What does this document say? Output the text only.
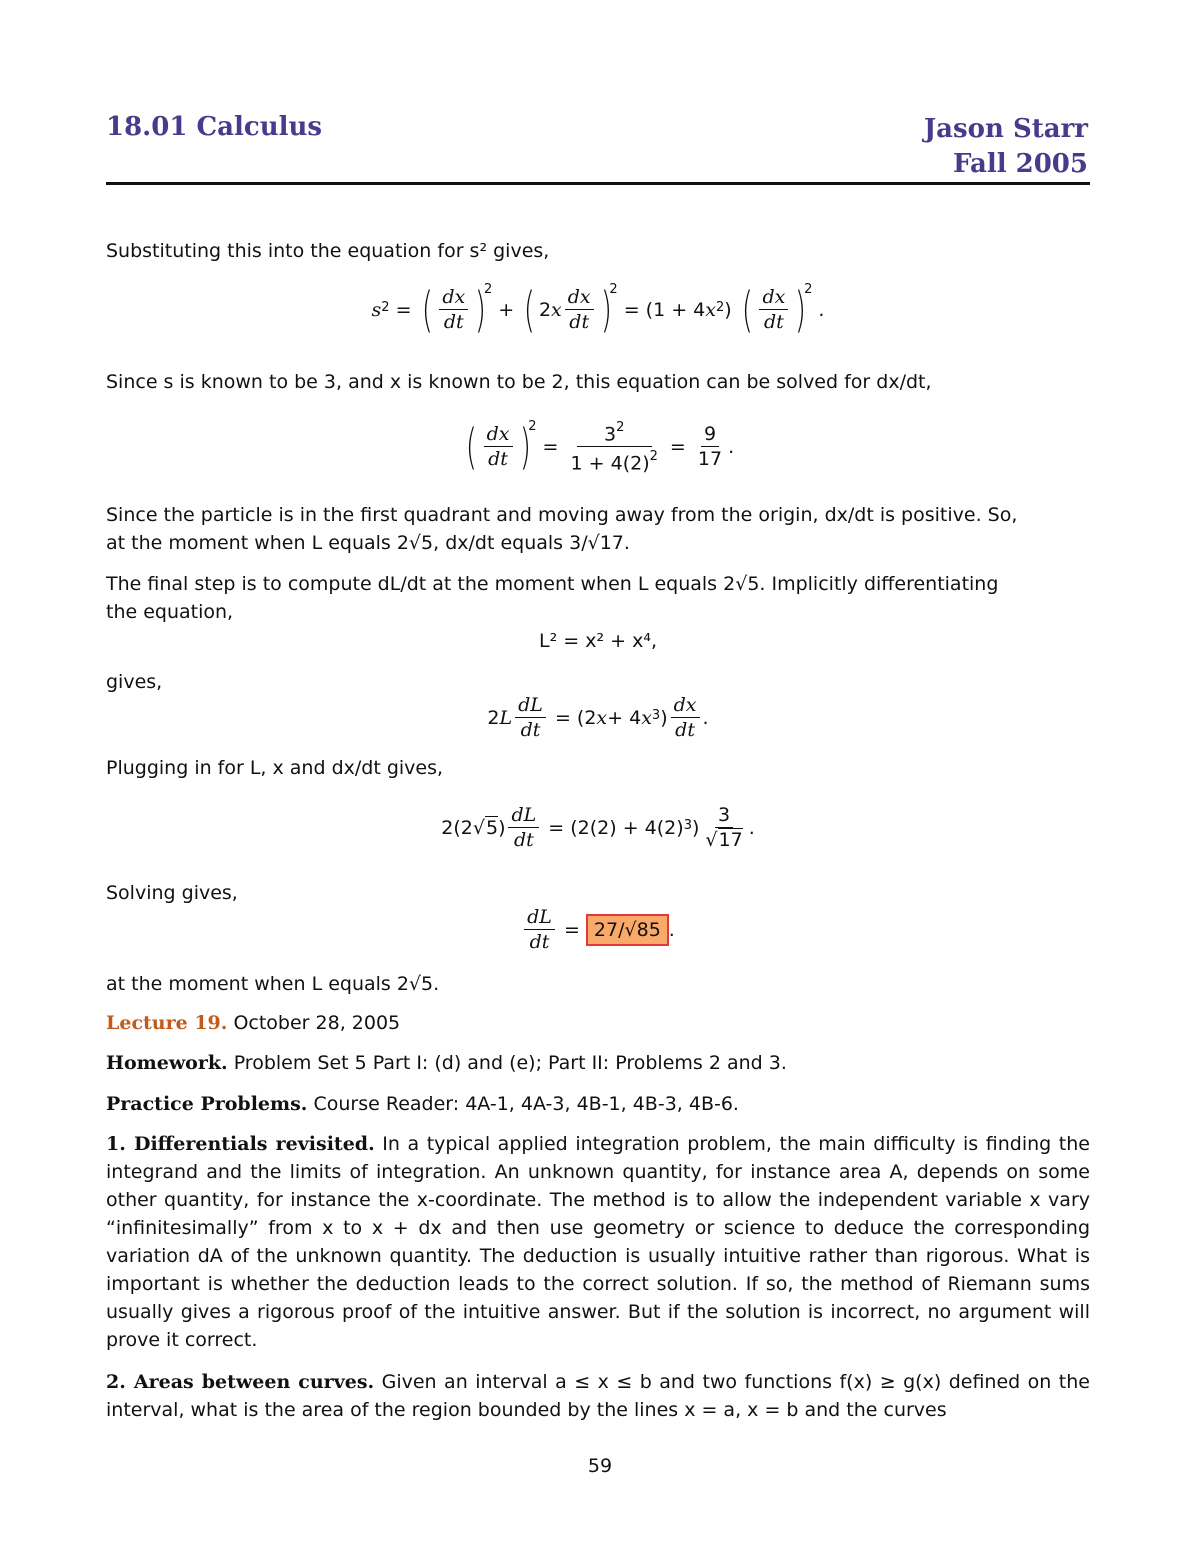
18.01 Calculus	Jason Starr
Fall 2005
Substituting this into the equation for s² gives,
s 2 = ( $\frac{dx}{dt}$ )
2
+ ( 2 x $\frac{dx}{dt}$ )
2
= (1 + 4 x 2 ) ( $\frac{dx}{dt}$ )
2
.
Since s is known to be 3, and x is known to be 2, this equation can be solved for dx/dt,
( $\frac{dx}{dt}$ )
2
= $\frac{3^2}{1 + 4(2)^2} = \frac{9}{17}$ .
Since the particle is in the first quadrant and moving away from the origin, dx/dt is positive. So,
at the moment when L equals 2√5, dx/dt equals 3/√17.
The final step is to compute dL/dt at the moment when L equals 2√5. Implicitly differentiating
the equation,
L² = x² + x⁴,
gives,
2 L $\frac{dL}{dt} = (2$ x + 4 x 3 ) $\frac{dx}{dt}$ .
Plugging in for L, x and dx/dt gives,
2(2√ 5 ) $\frac{dL}{dt} = (2(2) + 4(2)$ 3 ) $\frac{3}{√17}$ .
Solving gives,
$\frac{dL}{dt} = 27/√85$ .
at the moment when L equals 2√5.
Lecture 19. October 28, 2005
Homework. Problem Set 5 Part I: (d) and (e); Part II: Problems 2 and 3.
Practice Problems. Course Reader: 4A-1, 4A-3, 4B-1, 4B-3, 4B-6.
1. Differentials revisited. In a typical applied integration problem, the main difficulty is finding the integrand and the limits of integration. An unknown quantity, for instance area A, depends on some other quantity, for instance the x-coordinate. The method is to allow the independent variable x vary “infinitesimally” from x to x + dx and then use geometry or science to deduce the corresponding variation dA of the unknown quantity. The deduction is usually intuitive rather than rigorous. What is important is whether the deduction leads to the correct solution. If so, the method of Riemann sums usually gives a rigorous proof of the intuitive answer. But if the solution is incorrect, no argument will prove it correct.
2. Areas between curves. Given an interval a ≤ x ≤ b and two functions f(x) ≥ g(x) defined on the interval, what is the area of the region bounded by the lines x = a, x = b and the curves
59
